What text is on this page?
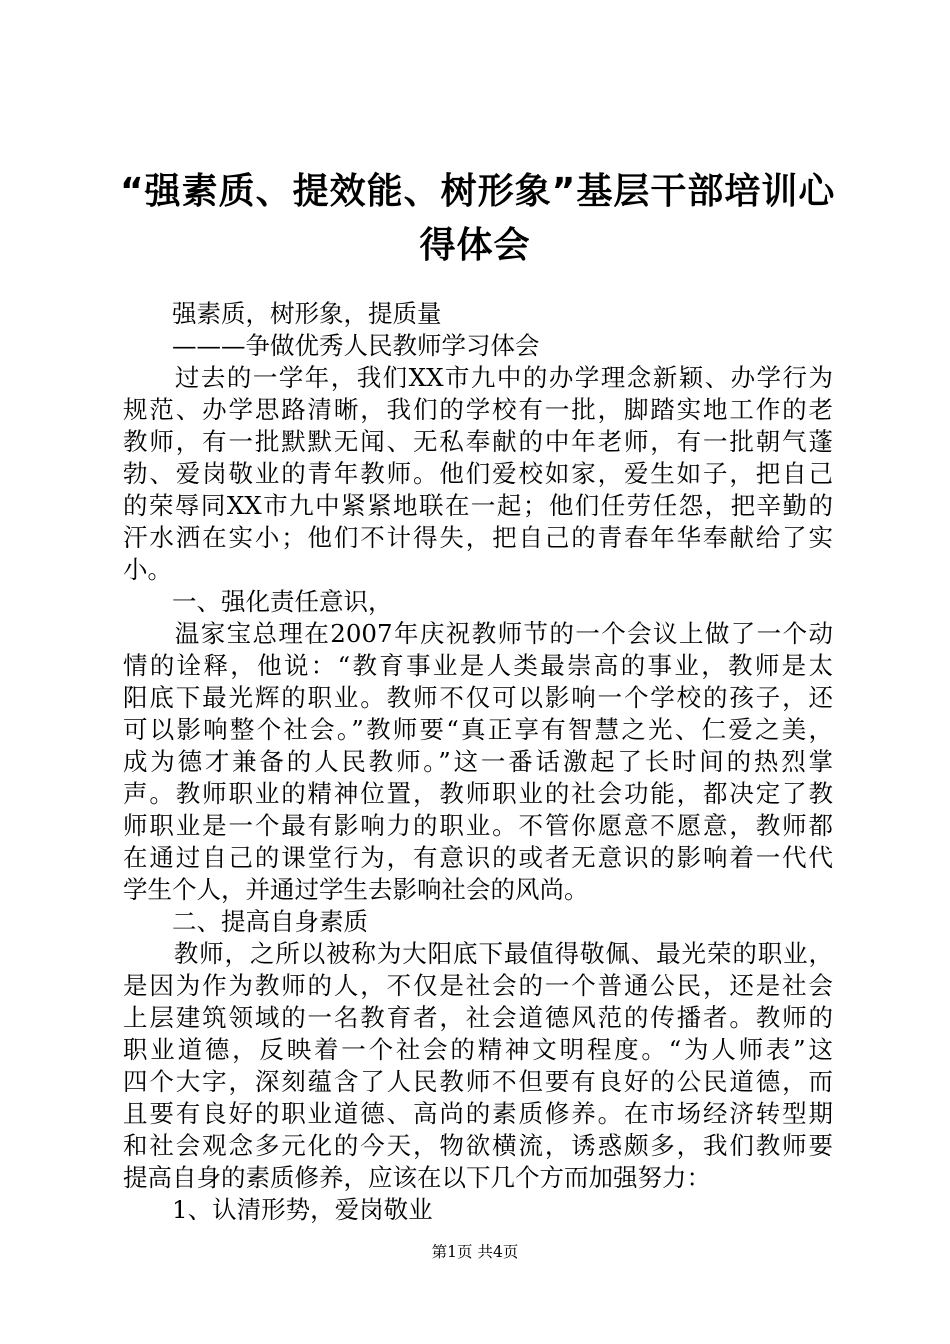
“强素质、提效能、树形象”基层干部培训心
得体会
　　强素质，树形象，提质量
　　———争做优秀人民教师学习体会
　　过去的一学年，我们XX市九中的办学理念新颖、办学行为
规范、办学思路清晰，我们的学校有一批，脚踏实地工作的老
教师，有一批默默无闻、无私奉献的中年老师，有一批朝气蓬
勃、爱岗敬业的青年教师。他们爱校如家，爱生如子，把自己
的荣辱同XX市九中紧紧地联在一起；他们任劳任怨，把辛勤的
汗水洒在实小；他们不计得失，把自己的青春年华奉献给了实
小。
　　一、强化责任意识，
　　温家宝总理在2007年庆祝教师节的一个会议上做了一个动
情的诠释，他说：“教育事业是人类最崇高的事业，教师是太
阳底下最光辉的职业。教师不仅可以影响一个学校的孩子，还
可以影响整个社会。”教师要“真正享有智慧之光、仁爱之美，
成为德才兼备的人民教师。”这一番话激起了长时间的热烈掌
声。教师职业的精神位置，教师职业的社会功能，都决定了教
师职业是一个最有影响力的职业。不管你愿意不愿意，教师都
在通过自己的课堂行为，有意识的或者无意识的影响着一代代
学生个人，并通过学生去影响社会的风尚。
　　二、提高自身素质
　　教师，之所以被称为大阳底下最值得敬佩、最光荣的职业，
是因为作为教师的人，不仅是社会的一个普通公民，还是社会
上层建筑领域的一名教育者，社会道德风范的传播者。教师的
职业道德，反映着一个社会的精神文明程度。“为人师表”这
四个大字，深刻蕴含了人民教师不但要有良好的公民道德，而
且要有良好的职业道德、高尚的素质修养。在市场经济转型期
和社会观念多元化的今天，物欲横流，诱惑颇多，我们教师要
提高自身的素质修养，应该在以下几个方而加强努力：
　　1、认清形势，爱岗敬业
第1页 共4页
